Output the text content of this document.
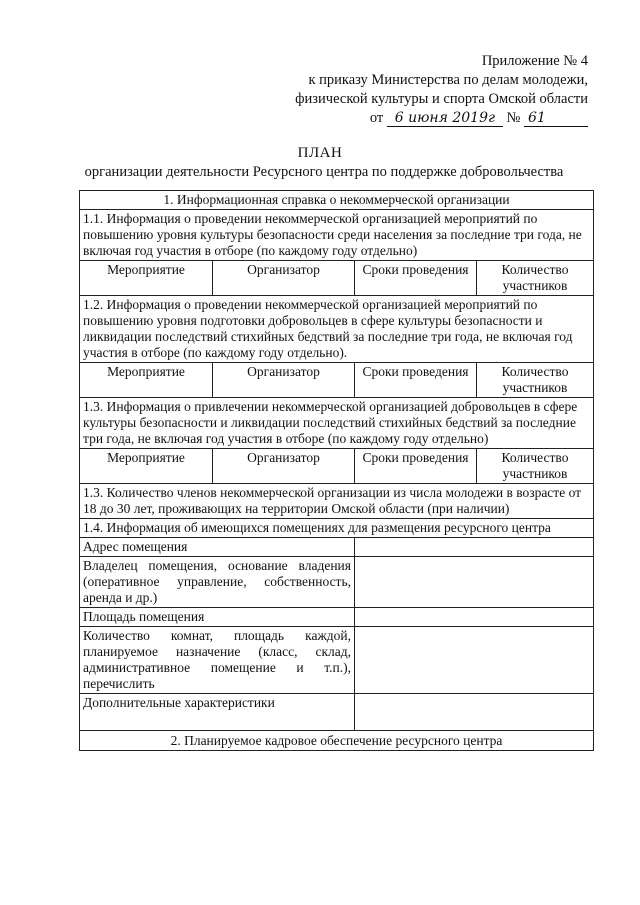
Приложение № 4
к приказу Министерства по делам молодежи,
физической культуры и спорта Омской области
от 6 июня 2019г № 61
ПЛАН
организации деятельности Ресурсного центра по поддержке добровольчества
1. Информационная справка о некоммерческой организации			
1.1. Информация о проведении некоммерческой организацией мероприятий по повышению уровня культуры безопасности среди населения за последние три года, не включая год участия в отборе (по каждому году отдельно)			
Мероприятие	Организатор	Сроки проведения	Количество участников
1.2. Информация о проведении некоммерческой организацией мероприятий по повышению уровня подготовки добровольцев в сфере культуры безопасности и ликвидации последствий стихийных бедствий за последние три года, не включая год участия в отборе (по каждому году отдельно).			
Мероприятие	Организатор	Сроки проведения	Количество участников
1.3. Информация о привлечении некоммерческой организацией добровольцев в сфере культуры безопасности и ликвидации последствий стихийных бедствий за последние три года, не включая год участия в отборе (по каждому году отдельно)			
Мероприятие	Организатор	Сроки проведения	Количество участников
1.3. Количество членов некоммерческой организации из числа молодежи в возрасте от 18 до 30 лет, проживающих на территории Омской области (при наличии)			
1.4. Информация об имеющихся помещениях для размещения ресурсного центра			
Адрес помещения			
Владелец помещения, основание владения (оперативное управление, собственность, аренда и др.)			
Площадь помещения			
Количество комнат, площадь каждой, планируемое назначение (класс, склад, административное помещение и т.п.), перечислить			
Дополнительные характеристики			
2. Планируемое кадровое обеспечение ресурсного центра			
